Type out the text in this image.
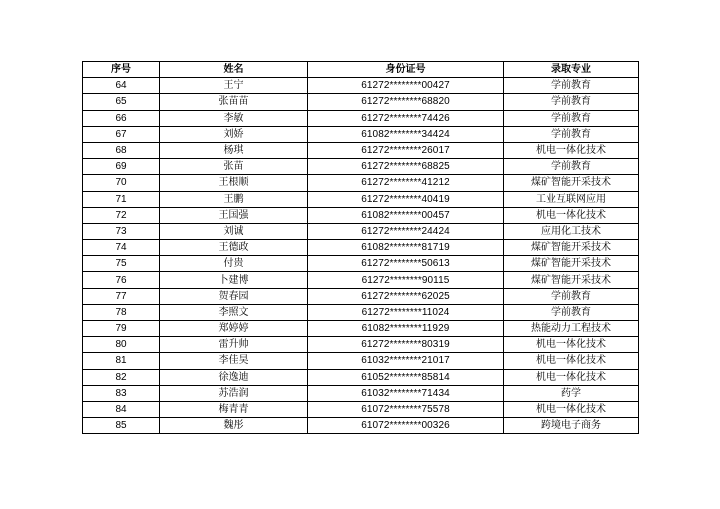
序号	姓名	身份证号	录取专业
64	王宁	61272********00427	学前教育
65	张苗苗	61272********68820	学前教育
66	李敏	61272********74426	学前教育
67	刘娇	61082********34424	学前教育
68	杨琪	61272********26017	机电一体化技术
69	张苗	61272********68825	学前教育
70	王根顺	61272********41212	煤矿智能开采技术
71	王鹏	61272********40419	工业互联网应用
72	王国强	61082********00457	机电一体化技术
73	刘诚	61272********24424	应用化工技术
74	王德政	61082********81719	煤矿智能开采技术
75	付贵	61272********50613	煤矿智能开采技术
76	卜建博	61272********90115	煤矿智能开采技术
77	贺春园	61272********62025	学前教育
78	李照文	61272********11024	学前教育
79	郑婷婷	61082********11929	热能动力工程技术
80	雷升帅	61272********80319	机电一体化技术
81	李佳昊	61032********21017	机电一体化技术
82	徐逸迪	61052********85814	机电一体化技术
83	苏浩润	61032********71434	药学
84	梅青青	61072********75578	机电一体化技术
85	魏彤	61072********00326	跨境电子商务
